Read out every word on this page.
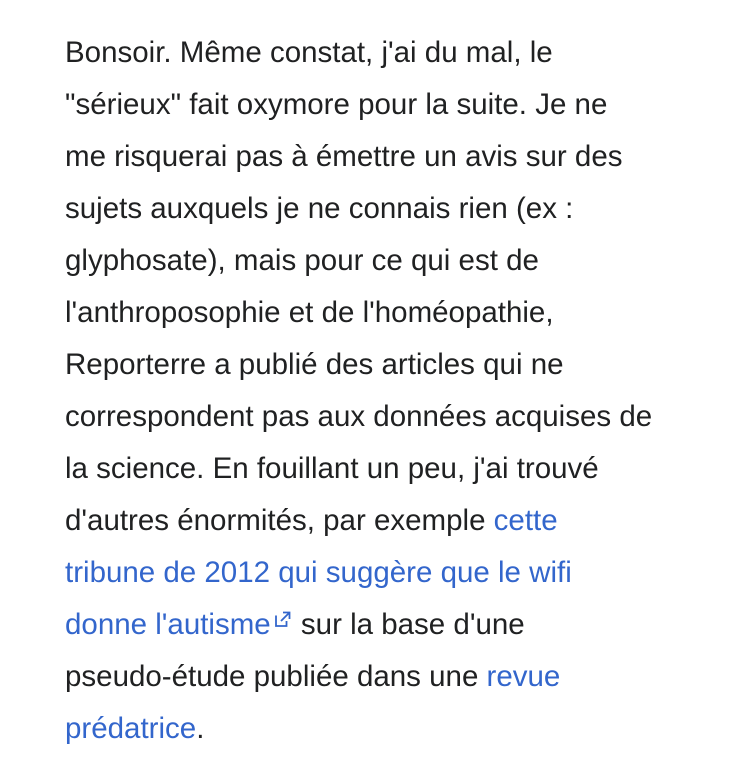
Bonsoir. Même constat, j'ai du mal, le
"sérieux" fait oxymore pour la suite. Je ne
me risquerai pas à émettre un avis sur des
sujets auxquels je ne connais rien (ex :
glyphosate), mais pour ce qui est de
l'anthroposophie et de l'homéopathie,
Reporterre a publié des articles qui ne
correspondent pas aux données acquises de
la science. En fouillant un peu, j'ai trouvé
d'autres énormités, par exemple cette
tribune de 2012 qui suggère que le wifi
donne l'autisme sur la base d'une
pseudo-étude publiée dans une revue
prédatrice.
